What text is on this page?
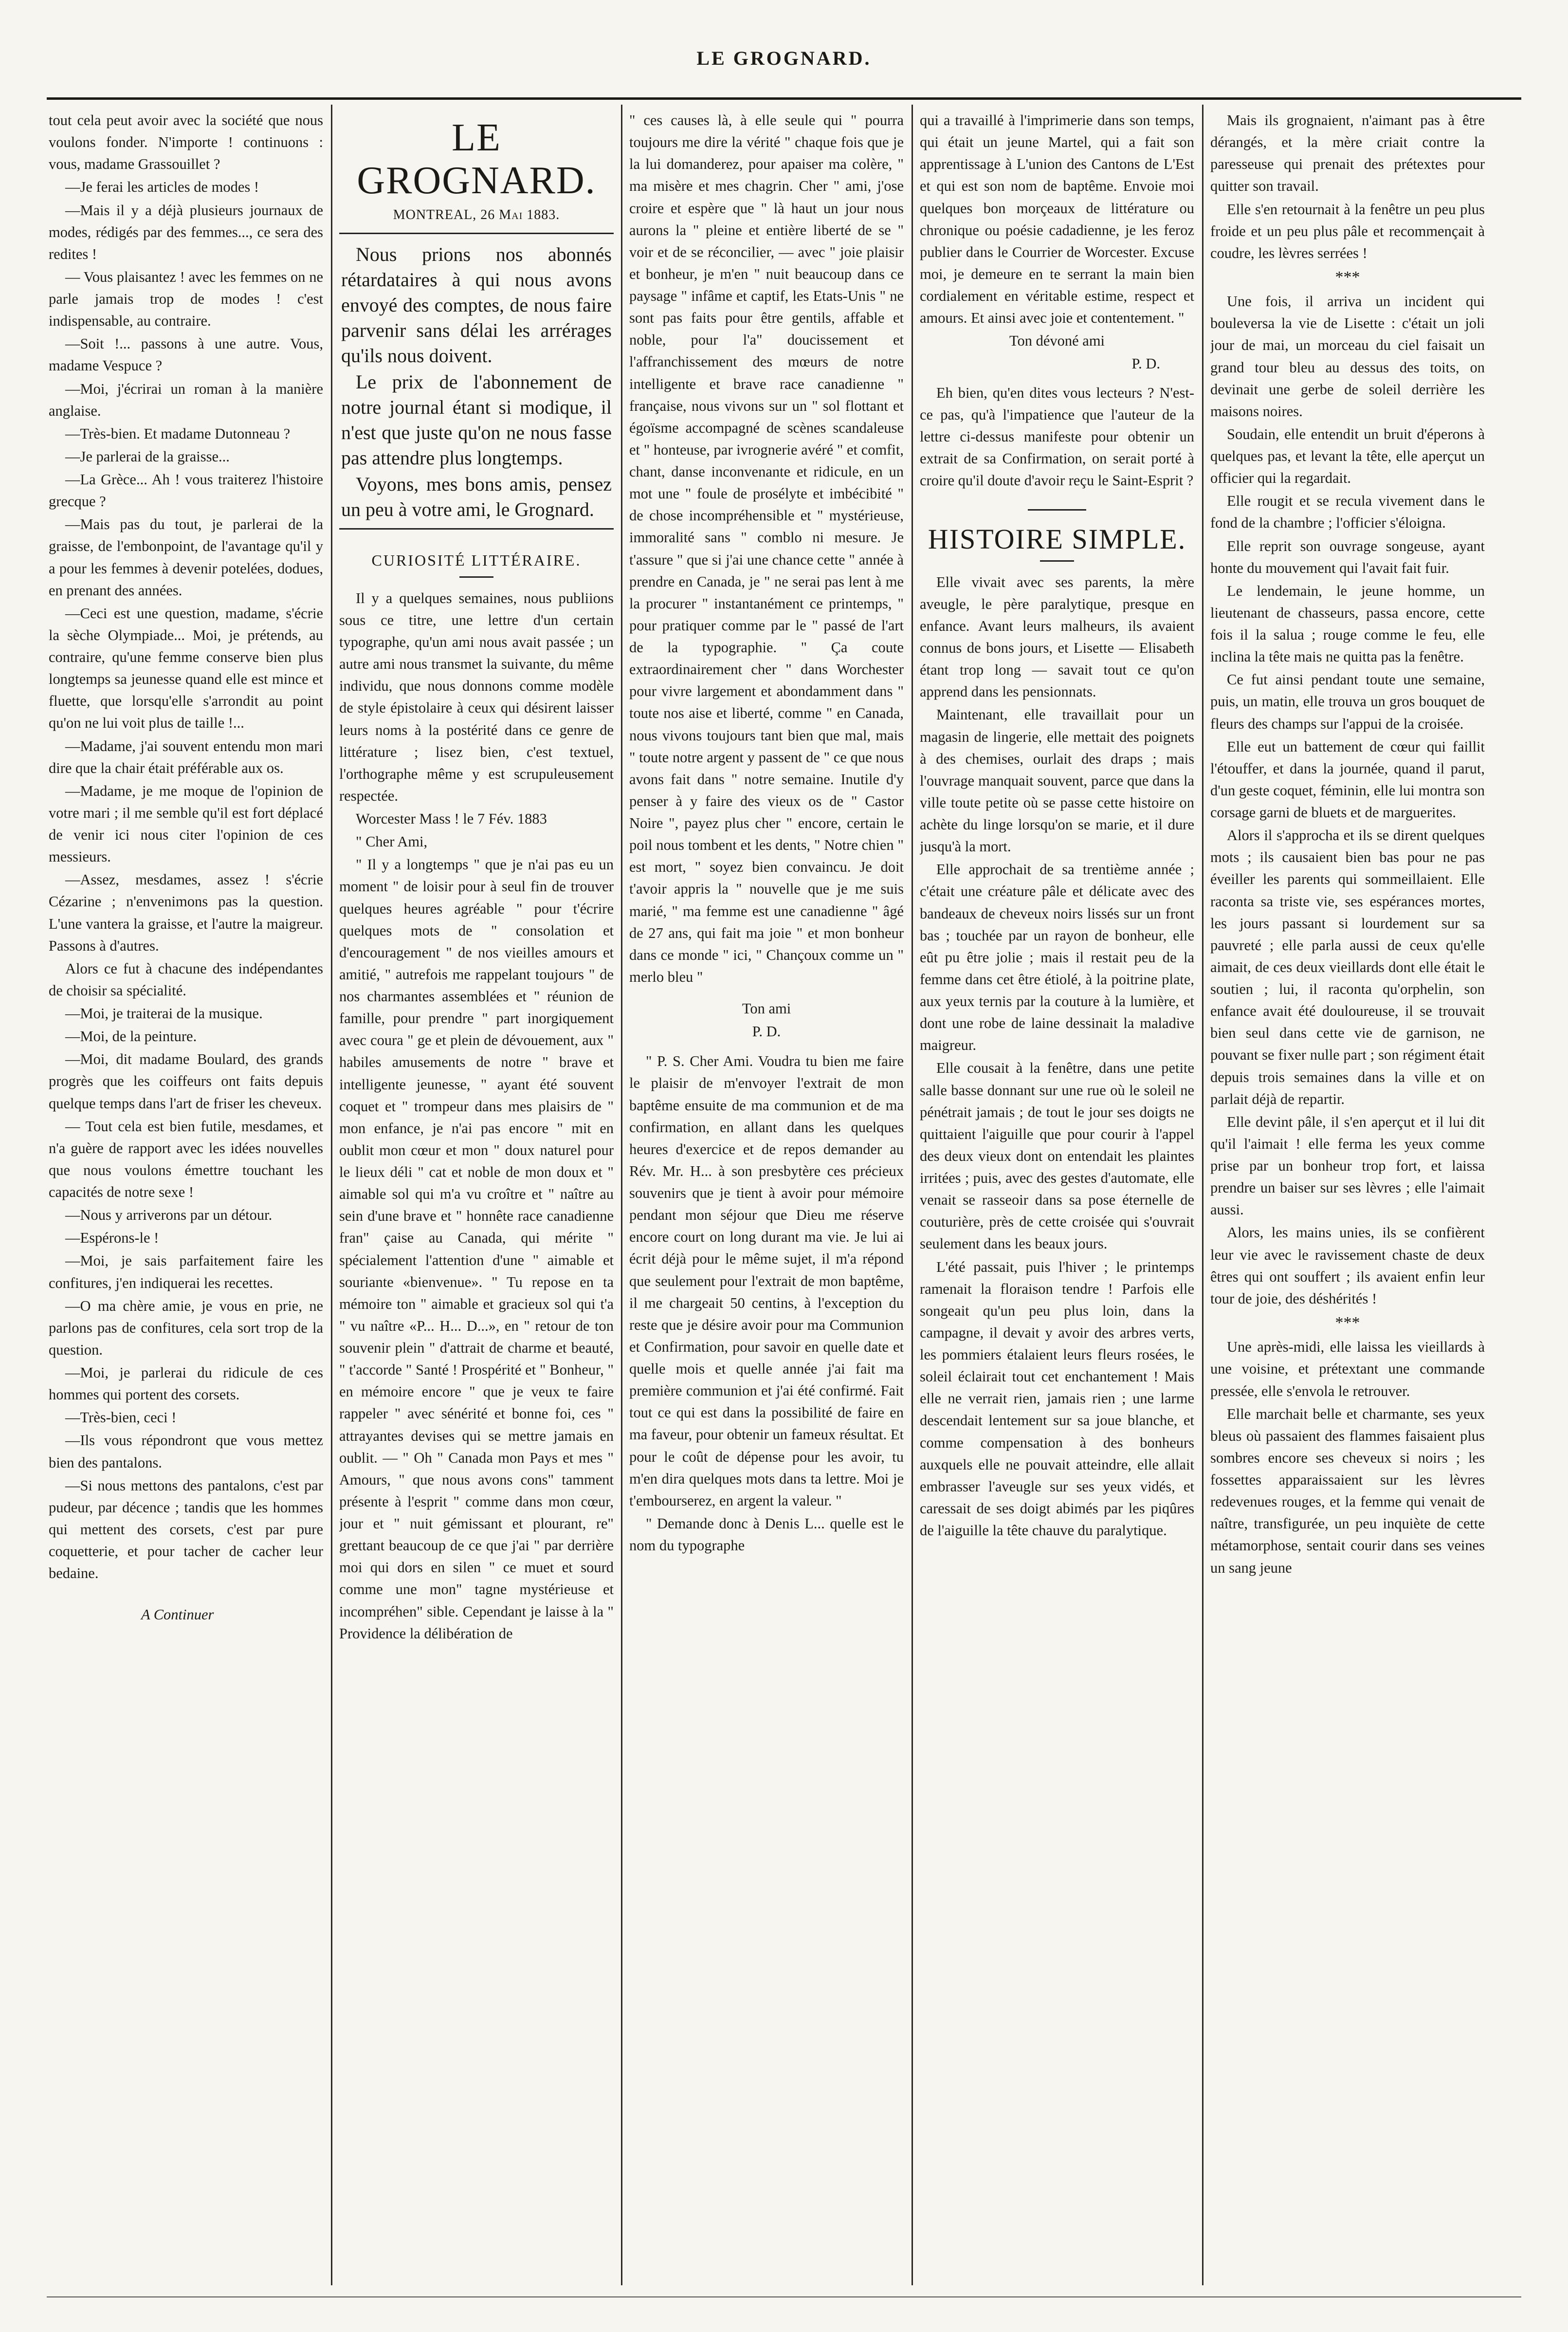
LE GROGNARD.

tout cela peut avoir avec la société que nous voulons fonder. N'importe ! continuons : vous, madame Grassouillet ?

—Je ferai les articles de modes !

—Mais il y a déjà plusieurs journaux de modes, rédigés par des femmes..., ce sera des redites !

— Vous plaisantez ! avec les femmes on ne parle jamais trop de modes ! c'est indispensable, au contraire.

—Soit !... passons à une autre. Vous, madame Vespuce ?

—Moi, j'écrirai un roman à la manière anglaise.

—Très-bien. Et madame Dutonneau ?

—Je parlerai de la graisse...

—La Grèce... Ah ! vous traiterez l'histoire grecque ?

—Mais pas du tout, je parlerai de la graisse, de l'embonpoint, de l'avantage qu'il y a pour les femmes à devenir potelées, dodues, en prenant des années.

—Ceci est une question, madame, s'écrie la sèche Olympiade... Moi, je prétends, au contraire, qu'une femme conserve bien plus longtemps sa jeunesse quand elle est mince et fluette, que lorsqu'elle s'arrondit au point qu'on ne lui voit plus de taille !...

—Madame, j'ai souvent entendu mon mari dire que la chair était préférable aux os.

—Madame, je me moque de l'opinion de votre mari ; il me semble qu'il est fort déplacé de venir ici nous citer l'opinion de ces messieurs.

—Assez, mesdames, assez ! s'écrie Cézarine ; n'envenimons pas la question. L'une vantera la graisse, et l'autre la maigreur. Passons à d'autres.

Alors ce fut à chacune des indépendantes de choisir sa spécialité.

—Moi, je traiterai de la musique.

—Moi, de la peinture.

—Moi, dit madame Boulard, des grands progrès que les coiffeurs ont faits depuis quelque temps dans l'art de friser les cheveux.

— Tout cela est bien futile, mesdames, et n'a guère de rapport avec les idées nouvelles que nous voulons émettre touchant les capacités de notre sexe !

—Nous y arriverons par un détour.

—Espérons-le !

—Moi, je sais parfaitement faire les confitures, j'en indiquerai les recettes.

—O ma chère amie, je vous en prie, ne parlons pas de confitures, cela sort trop de la question.

—Moi, je parlerai du ridicule de ces hommes qui portent des corsets.

—Très-bien, ceci !

—Ils vous répondront que vous mettez bien des pantalons.

—Si nous mettons des pantalons, c'est par pudeur, par décence ; tandis que les hommes qui mettent des corsets, c'est par pure coquetterie, et pour tacher de cacher leur bedaine.

A Continuer

LE GROGNARD.
MONTREAL, 26 Mai 1883.

Nous prions nos abonnés rétardataires à qui nous avons envoyé des comptes, de nous faire parvenir sans délai les arrérages qu'ils nous doivent.

Le prix de l'abonnement de notre journal étant si modique, il n'est que juste qu'on ne nous fasse pas attendre plus longtemps.

Voyons, mes bons amis, pensez un peu à votre ami, le Grognard.

CURIOSITÉ LITTÉRAIRE.

Il y a quelques semaines, nous publiions sous ce titre, une lettre d'un certain typographe, qu'un ami nous avait passée ; un autre ami nous transmet la suivante, du même individu, que nous donnons comme modèle de style épistolaire à ceux qui désirent laisser leurs noms à la postérité dans ce genre de littérature ; lisez bien, c'est textuel, l'orthographe même y est scrupuleusement respectée.

Worcester Mass ! le 7 Fév. 1883

" Cher Ami,

" Il y a longtemps " que je n'ai pas eu un moment " de loisir pour à seul fin de trouver quelques heures agréable " pour t'écrire quelques mots de " consolation et d'encouragement " de nos vieilles amours et amitié, " autrefois me rappelant toujours " de nos charmantes assemblées et " réunion de famille, pour prendre " part inorgiquement avec coura " ge et plein de dévouement, aux " habiles amusements de notre " brave et intelligente jeunesse, " ayant été souvent coquet et " trompeur dans mes plaisirs de " mon enfance, je n'ai pas encore " mit en oublit mon cœur et mon " doux naturel pour le lieux déli " cat et noble de mon doux et " aimable sol qui m'a vu croître et " naître au sein d'une brave et " honnête race canadienne fran" çaise au Canada, qui mérite " spécialement l'attention d'une " aimable et souriante «bienvenue». " Tu repose en ta mémoire ton " aimable et gracieux sol qui t'a " vu naître «P... H... D...», en " retour de ton souvenir plein " d'attrait de charme et beauté, " t'accorde " Santé ! Prospérité et " Bonheur, " en mémoire encore " que je veux te faire rappeler " avec sénérité et bonne foi, ces " attrayantes devises qui se mettre jamais en oublit. — " Oh " Canada mon Pays et mes " Amours, " que nous avons cons" tamment présente à l'esprit " comme dans mon cœur, jour et " nuit gémissant et plourant, re" grettant beaucoup de ce que j'ai " par derrière moi qui dors en silen " ce muet et sourd comme une mon" tagne mystérieuse et incompréhen" sible. Cependant je laisse à la " Providence la délibération de

" ces causes là, à elle seule qui " pourra toujours me dire la vérité " chaque fois que je la lui domanderez, pour apaiser ma colère, " ma misère et mes chagrin. Cher " ami, j'ose croire et espère que " là haut un jour nous aurons la " pleine et entière liberté de se " voir et de se réconcilier, — avec " joie plaisir et bonheur, je m'en " nuit beaucoup dans ce paysage " infâme et captif, les Etats-Unis " ne sont pas faits pour être gentils, affable et noble, pour l'a" doucissement et l'affranchissement des mœurs de notre intelligente et brave race canadienne " française, nous vivons sur un " sol flottant et égoïsme accompagné de scènes scandaleuse et " honteuse, par ivrognerie avéré " et comfit, chant, danse inconvenante et ridicule, en un mot une " foule de prosélyte et imbécibité " de chose incompréhensible et " mystérieuse, immoralité sans " comblo ni mesure. Je t'assure " que si j'ai une chance cette " année à prendre en Canada, je " ne serai pas lent à me la procurer " instantanément ce printemps, " pour pratiquer comme par le " passé de l'art de la typographie. " Ça coute extraordinairement cher " dans Worchester pour vivre largement et abondamment dans " toute nos aise et liberté, comme " en Canada, nous vivons toujours tant bien que mal, mais " toute notre argent y passent de " ce que nous avons fait dans " notre semaine. Inutile d'y penser à y faire des vieux os de " Castor Noire ", payez plus cher " encore, certain le poil nous tombent et les dents, " Notre chien " est mort, " soyez bien convaincu. Je doit t'avoir appris la " nouvelle que je me suis marié, " ma femme est une canadienne " âgé de 27 ans, qui fait ma joie " et mon bonheur dans ce monde " ici, " Chançoux comme un " merlo bleu "

Ton ami

P. D.

" P. S. Cher Ami. Voudra tu bien me faire le plaisir de m'envoyer l'extrait de mon baptême ensuite de ma communion et de ma confirmation, en allant dans les quelques heures d'exercice et de repos demander au Rév. Mr. H... à son presbytère ces précieux souvenirs que je tient à avoir pour mémoire pendant mon séjour que Dieu me réserve encore court on long durant ma vie. Je lui ai écrit déjà pour le même sujet, il m'a répond que seulement pour l'extrait de mon baptême, il me chargeait 50 centins, à l'exception du reste que je désire avoir pour ma Communion et Confirmation, pour savoir en quelle date et quelle mois et quelle année j'ai fait ma première communion et j'ai été confirmé. Fait tout ce qui est dans la possibilité de faire en ma faveur, pour obtenir un fameux résultat. Et pour le coût de dépense pour les avoir, tu m'en dira quelques mots dans ta lettre. Moi je t'embourserez, en argent la valeur. "

" Demande donc à Denis L... quelle est le nom du typographe

qui a travaillé à l'imprimerie dans son temps, qui était un jeune Martel, qui a fait son apprentissage à L'union des Cantons de L'Est et qui est son nom de baptême. Envoie moi quelques bon morçeaux de littérature ou chronique ou poésie cadadienne, je les feroz publier dans le Courrier de Worcester. Excuse moi, je demeure en te serrant la main bien cordialement en véritable estime, respect et amours. Et ainsi avec joie et contentement. "

Ton dévoné ami

P. D.

Eh bien, qu'en dites vous lecteurs ? N'est-ce pas, qu'à l'impatience que l'auteur de la lettre ci-dessus manifeste pour obtenir un extrait de sa Confirmation, on serait porté à croire qu'il doute d'avoir reçu le Saint-Esprit ?

HISTOIRE SIMPLE.

Elle vivait avec ses parents, la mère aveugle, le père paralytique, presque en enfance. Avant leurs malheurs, ils avaient connus de bons jours, et Lisette — Elisabeth étant trop long — savait tout ce qu'on apprend dans les pensionnats.

Maintenant, elle travaillait pour un magasin de lingerie, elle mettait des poignets à des chemises, ourlait des draps ; mais l'ouvrage manquait souvent, parce que dans la ville toute petite où se passe cette histoire on achète du linge lorsqu'on se marie, et il dure jusqu'à la mort.

Elle approchait de sa trentième année ; c'était une créature pâle et délicate avec des bandeaux de cheveux noirs lissés sur un front bas ; touchée par un rayon de bonheur, elle eût pu être jolie ; mais il restait peu de la femme dans cet être étiolé, à la poitrine plate, aux yeux ternis par la couture à la lumière, et dont une robe de laine dessinait la maladive maigreur.

Elle cousait à la fenêtre, dans une petite salle basse donnant sur une rue où le soleil ne pénétrait jamais ; de tout le jour ses doigts ne quittaient l'aiguille que pour courir à l'appel des deux vieux dont on entendait les plaintes irritées ; puis, avec des gestes d'automate, elle venait se rasseoir dans sa pose éternelle de couturière, près de cette croisée qui s'ouvrait seulement dans les beaux jours.

L'été passait, puis l'hiver ; le printemps ramenait la floraison tendre ! Parfois elle songeait qu'un peu plus loin, dans la campagne, il devait y avoir des arbres verts, les pommiers étalaient leurs fleurs rosées, le soleil éclairait tout cet enchantement ! Mais elle ne verrait rien, jamais rien ; une larme descendait lentement sur sa joue blanche, et comme compensation à des bonheurs auxquels elle ne pouvait atteindre, elle allait embrasser l'aveugle sur ses yeux vidés, et caressait de ses doigt abimés par les piqûres de l'aiguille la tête chauve du paralytique.

Mais ils grognaient, n'aimant pas à être dérangés, et la mère criait contre la paresseuse qui prenait des prétextes pour quitter son travail.

Elle s'en retournait à la fenêtre un peu plus froide et un peu plus pâle et recommençait à coudre, les lèvres serrées !

***

Une fois, il arriva un incident qui bouleversa la vie de Lisette : c'était un joli jour de mai, un morceau du ciel faisait un grand tour bleu au dessus des toits, on devinait une gerbe de soleil derrière les maisons noires.

Soudain, elle entendit un bruit d'éperons à quelques pas, et levant la tête, elle aperçut un officier qui la regardait.

Elle rougit et se recula vivement dans le fond de la chambre ; l'officier s'éloigna.

Elle reprit son ouvrage songeuse, ayant honte du mouvement qui l'avait fait fuir.

Le lendemain, le jeune homme, un lieutenant de chasseurs, passa encore, cette fois il la salua ; rouge comme le feu, elle inclina la tête mais ne quitta pas la fenêtre.

Ce fut ainsi pendant toute une semaine, puis, un matin, elle trouva un gros bouquet de fleurs des champs sur l'appui de la croisée.

Elle eut un battement de cœur qui faillit l'étouffer, et dans la journée, quand il parut, d'un geste coquet, féminin, elle lui montra son corsage garni de bluets et de marguerites.

Alors il s'approcha et ils se dirent quelques mots ; ils causaient bien bas pour ne pas éveiller les parents qui sommeillaient. Elle raconta sa triste vie, ses espérances mortes, les jours passant si lourdement sur sa pauvreté ; elle parla aussi de ceux qu'elle aimait, de ces deux vieillards dont elle était le soutien ; lui, il raconta qu'orphelin, son enfance avait été douloureuse, il se trouvait bien seul dans cette vie de garnison, ne pouvant se fixer nulle part ; son régiment était depuis trois semaines dans la ville et on parlait déjà de repartir.

Elle devint pâle, il s'en aperçut et il lui dit qu'il l'aimait ! elle ferma les yeux comme prise par un bonheur trop fort, et laissa prendre un baiser sur ses lèvres ; elle l'aimait aussi.

Alors, les mains unies, ils se confièrent leur vie avec le ravissement chaste de deux êtres qui ont souffert ; ils avaient enfin leur tour de joie, des déshérités !

***

Une après-midi, elle laissa les vieillards à une voisine, et prétextant une commande pressée, elle s'envola le retrouver.

Elle marchait belle et charmante, ses yeux bleus où passaient des flammes faisaient plus sombres encore ses cheveux si noirs ; les fossettes apparaissaient sur les lèvres redevenues rouges, et la femme qui venait de naître, transfigurée, un peu inquiète de cette métamorphose, sentait courir dans ses veines un sang jeune
